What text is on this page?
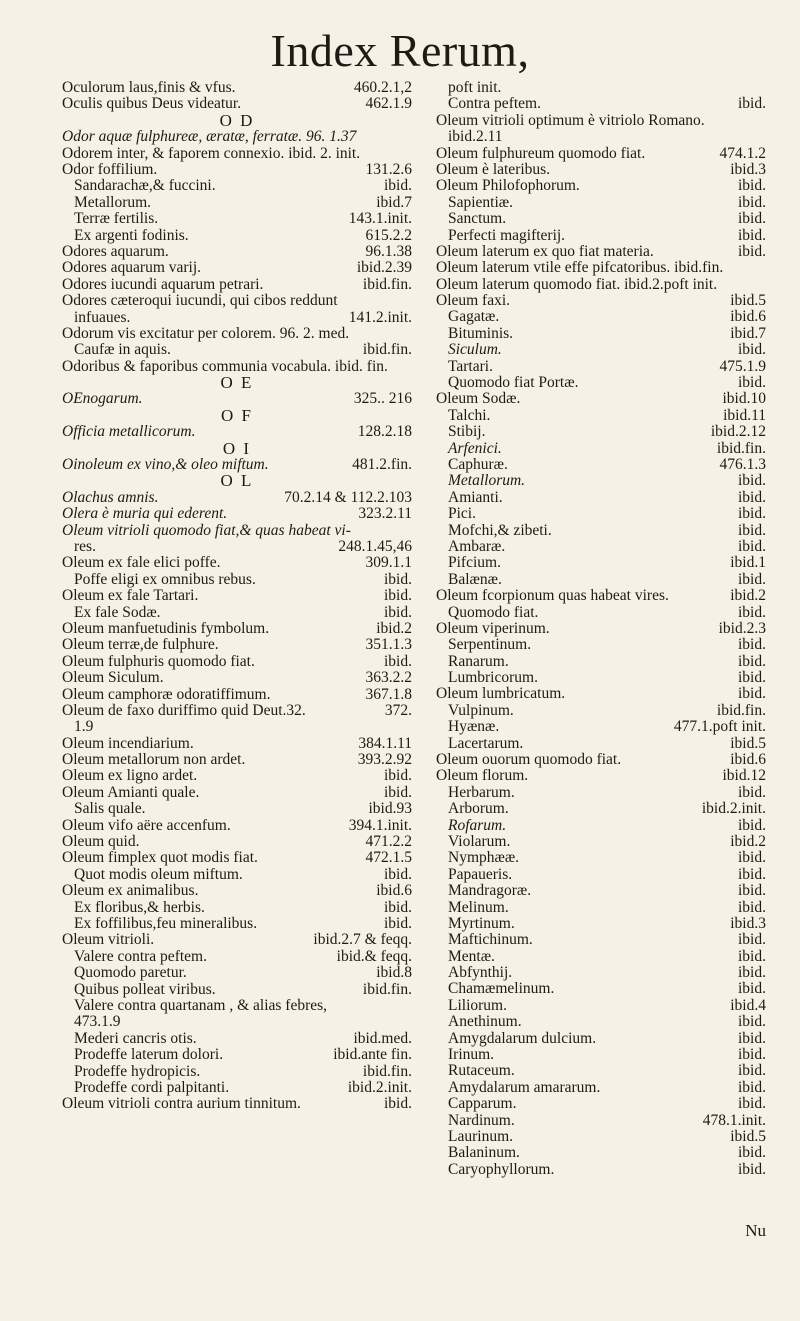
Index Rerum,
Oculorum laus,finis & vfus.	460.2.1,2
Oculis quibus Deus videatur.	462.1.9
O D
Odor aquæ fulphureæ, æratæ, ferratæ. 96. 1.37
Odorem inter, & faporem connexio. ibid. 2. init.
Odor foffilium.	131.2.6
Sandarachæ,& fuccini.	ibid.
Metallorum.	ibid.7
Terræ fertilis.	143.1.init.
Ex argenti fodinis.	615.2.2
Odores aquarum.	96.1.38
Odores aquarum varij.	ibid.2.39
Odores iucundi aquarum petrari.	ibid.fin.
Odores cæteroqui iucundi, qui cibos reddunt
infuaues.	141.2.init.
Odorum vis excitatur per colorem. 96. 2. med.
Caufæ in aquis.	ibid.fin.
Odoribus & faporibus communia vocabula. ibid. fin.
O E
OEnogarum.	325.. 216
O F
Officia metallicorum.	128.2.18
O I
Oinoleum ex vino,& oleo miftum.	481.2.fin.
O L
Olachus amnis.	70.2.14 & 112.2.103
Olera è muria qui ederent.	323.2.11
Oleum vitrioli quomodo fiat,& quas habeat vi-
res.	248.1.45,46
Oleum ex fale elici poffe.	309.1.1
Poffe eligi ex omnibus rebus.	ibid.
Oleum ex fale Tartari.	ibid.
Ex fale Sodæ.	ibid.
Oleum manfuetudinis fymbolum.	ibid.2
Oleum terræ,de fulphure.	351.1.3
Oleum fulphuris quomodo fiat.	ibid.
Oleum Siculum.	363.2.2
Oleum camphoræ odoratiffimum.	367.1.8
Oleum de faxo duriffimo quid Deut.32.	372.
1.9
Oleum incendiarium.	384.1.11
Oleum metallorum non ardet.	393.2.92
Oleum ex ligno ardet.	ibid.
Oleum Amianti quale.	ibid.
Salis quale.	ibid.93
Oleum vifo aëre accenfum.	394.1.init.
Oleum quid.	471.2.2
Oleum fimplex quot modis fiat.	472.1.5
Quot modis oleum miftum.	ibid.
Oleum ex animalibus.	ibid.6
Ex floribus,& herbis.	ibid.
Ex foffilibus,feu mineralibus.	ibid.
Oleum vitrioli.	ibid.2.7 & feqq.
Valere contra peftem.	ibid.& feqq.
Quomodo paretur.	ibid.8
Quibus polleat viribus.	ibid.fin.
Valere contra quartanam , & alias febres,
473.1.9
Mederi cancris otis.	ibid.med.
Prodeffe laterum dolori.	ibid.ante fin.
Prodeffe hydropicis.	ibid.fin.
Prodeffe cordi palpitanti.	ibid.2.init.
Oleum vitrioli contra aurium tinnitum.	ibid.
poft init.
Contra peftem.	ibid.
Oleum vitrioli optimum è vitriolo Romano.
ibid.2.11
Oleum fulphureum quomodo fiat.	474.1.2
Oleum è lateribus.	ibid.3
Oleum Philofophorum.	ibid.
Sapientiæ.	ibid.
Sanctum.	ibid.
Perfecti magifterij.	ibid.
Oleum laterum ex quo fiat materia.	ibid.
Oleum laterum vtile effe pifcatoribus. ibid.fin.
Oleum laterum quomodo fiat. ibid.2.poft init.
Oleum faxi.	ibid.5
Gagatæ.	ibid.6
Bituminis.	ibid.7
Siculum.	ibid.
Tartari.	475.1.9
Quomodo fiat Portæ.	ibid.
Oleum Sodæ.	ibid.10
Talchi.	ibid.11
Stibij.	ibid.2.12
Arfenici.	ibid.fin.
Caphuræ.	476.1.3
Metallorum.	ibid.
Amianti.	ibid.
Pici.	ibid.
Mofchi,& zibeti.	ibid.
Ambaræ.	ibid.
Pifcium.	ibid.1
Balænæ.	ibid.
Oleum fcorpionum quas habeat vires.	ibid.2
Quomodo fiat.	ibid.
Oleum viperinum.	ibid.2.3
Serpentinum.	ibid.
Ranarum.	ibid.
Lumbricorum.	ibid.
Oleum lumbricatum.	ibid.
Vulpinum.	ibid.fin.
Hyænæ.	477.1.poft init.
Lacertarum.	ibid.5
Oleum ouorum quomodo fiat.	ibid.6
Oleum florum.	ibid.12
Herbarum.	ibid.
Arborum.	ibid.2.init.
Rofarum.	ibid.
Violarum.	ibid.2
Nymphææ.	ibid.
Papaueris.	ibid.
Mandragoræ.	ibid.
Melinum.	ibid.
Myrtinum.	ibid.3
Maftichinum.	ibid.
Mentæ.	ibid.
Abfynthij.	ibid.
Chamæmelinum.	ibid.
Liliorum.	ibid.4
Anethinum.	ibid.
Amygdalarum dulcium.	ibid.
Irinum.	ibid.
Rutaceum.	ibid.
Amydalarum amararum.	ibid.
Capparum.	ibid.
Nardinum.	478.1.init.
Laurinum.	ibid.5
Balaninum.	ibid.
Caryophyllorum.	ibid.
Nu
